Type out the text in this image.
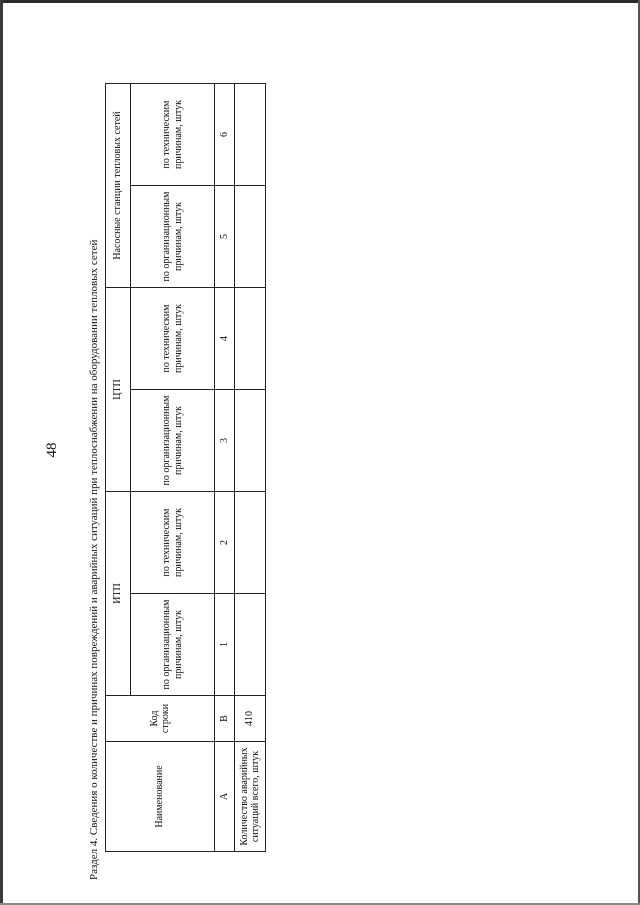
48	Раздел 4. Сведения о количестве и причинах повреждений и аварийных ситуаций при теплоснабжении на оборудовании тепловых сетей	Наименование	Код строки	ИТП		ЦТП		Насосные станции тепловых сетей	
		по организационным причинам, штук	по техническим причинам, штук	по организационным причинам, штук	по техническим причинам, штук	по организационным причинам, штук	по техническим причинам, штук
А	В	1	2	3	4	5	6
Количество аварийных ситуаций всего, штук	410						
